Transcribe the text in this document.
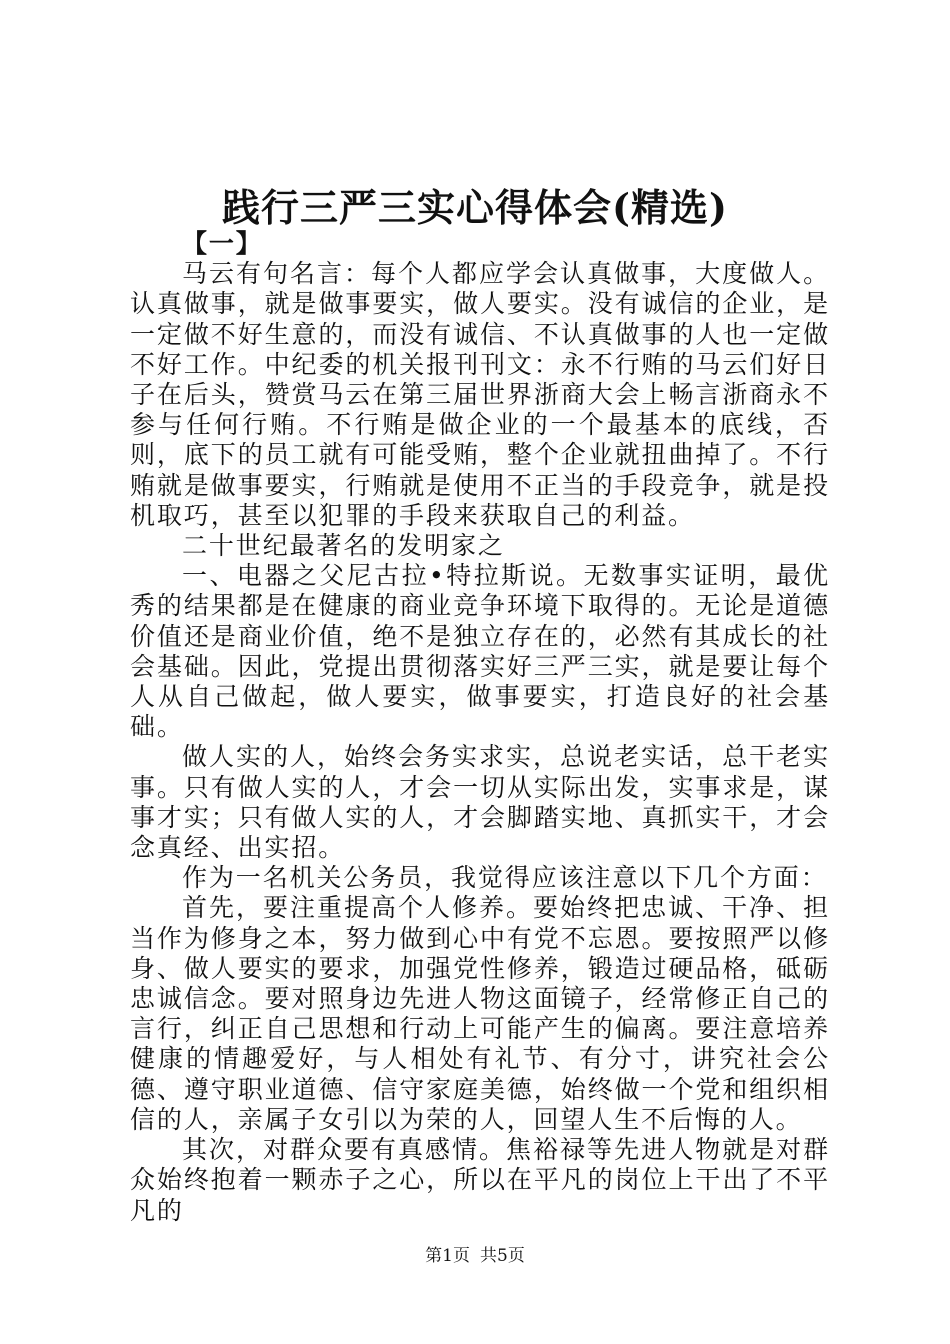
践行三严三实心得体会(精选)
【一】

马云有句名言：每个人都应学会认真做事，大度做人。认真做事，就是做事要实，做人要实。没有诚信的企业，是一定做不好生意的，而没有诚信、不认真做事的人也一定做不好工作。中纪委的机关报刊刊文：永不行贿的马云们好日子在后头，赞赏马云在第三届世界浙商大会上畅言浙商永不参与任何行贿。不行贿是做企业的一个最基本的底线，否则，底下的员工就有可能受贿，整个企业就扭曲掉了。不行贿就是做事要实，行贿就是使用不正当的手段竞争，就是投机取巧，甚至以犯罪的手段来获取自己的利益。

二十世纪最著名的发明家之

一、电器之父尼古拉•特拉斯说。无数事实证明，最优秀的结果都是在健康的商业竞争环境下取得的。无论是道德价值还是商业价值，绝不是独立存在的，必然有其成长的社会基础。因此，党提出贯彻落实好三严三实，就是要让每个人从自己做起，做人要实，做事要实，打造良好的社会基础。

做人实的人，始终会务实求实，总说老实话，总干老实事。只有做人实的人，才会一切从实际出发，实事求是，谋事才实；只有做人实的人，才会脚踏实地、真抓实干，才会念真经、出实招。

作为一名机关公务员，我觉得应该注意以下几个方面：

首先，要注重提高个人修养。要始终把忠诚、干净、担当作为修身之本，努力做到心中有党不忘恩。要按照严以修身、做人要实的要求，加强党性修养，锻造过硬品格，砥砺忠诚信念。要对照身边先进人物这面镜子，经常修正自己的言行，纠正自己思想和行动上可能产生的偏离。要注意培养健康的情趣爱好，与人相处有礼节、有分寸，讲究社会公德、遵守职业道德、信守家庭美德，始终做一个党和组织相信的人，亲属子女引以为荣的人，回望人生不后悔的人。

其次，对群众要有真感情。焦裕禄等先进人物就是对群众始终抱着一颗赤子之心，所以在平凡的岗位上干出了不平凡的

第1页 共5页
